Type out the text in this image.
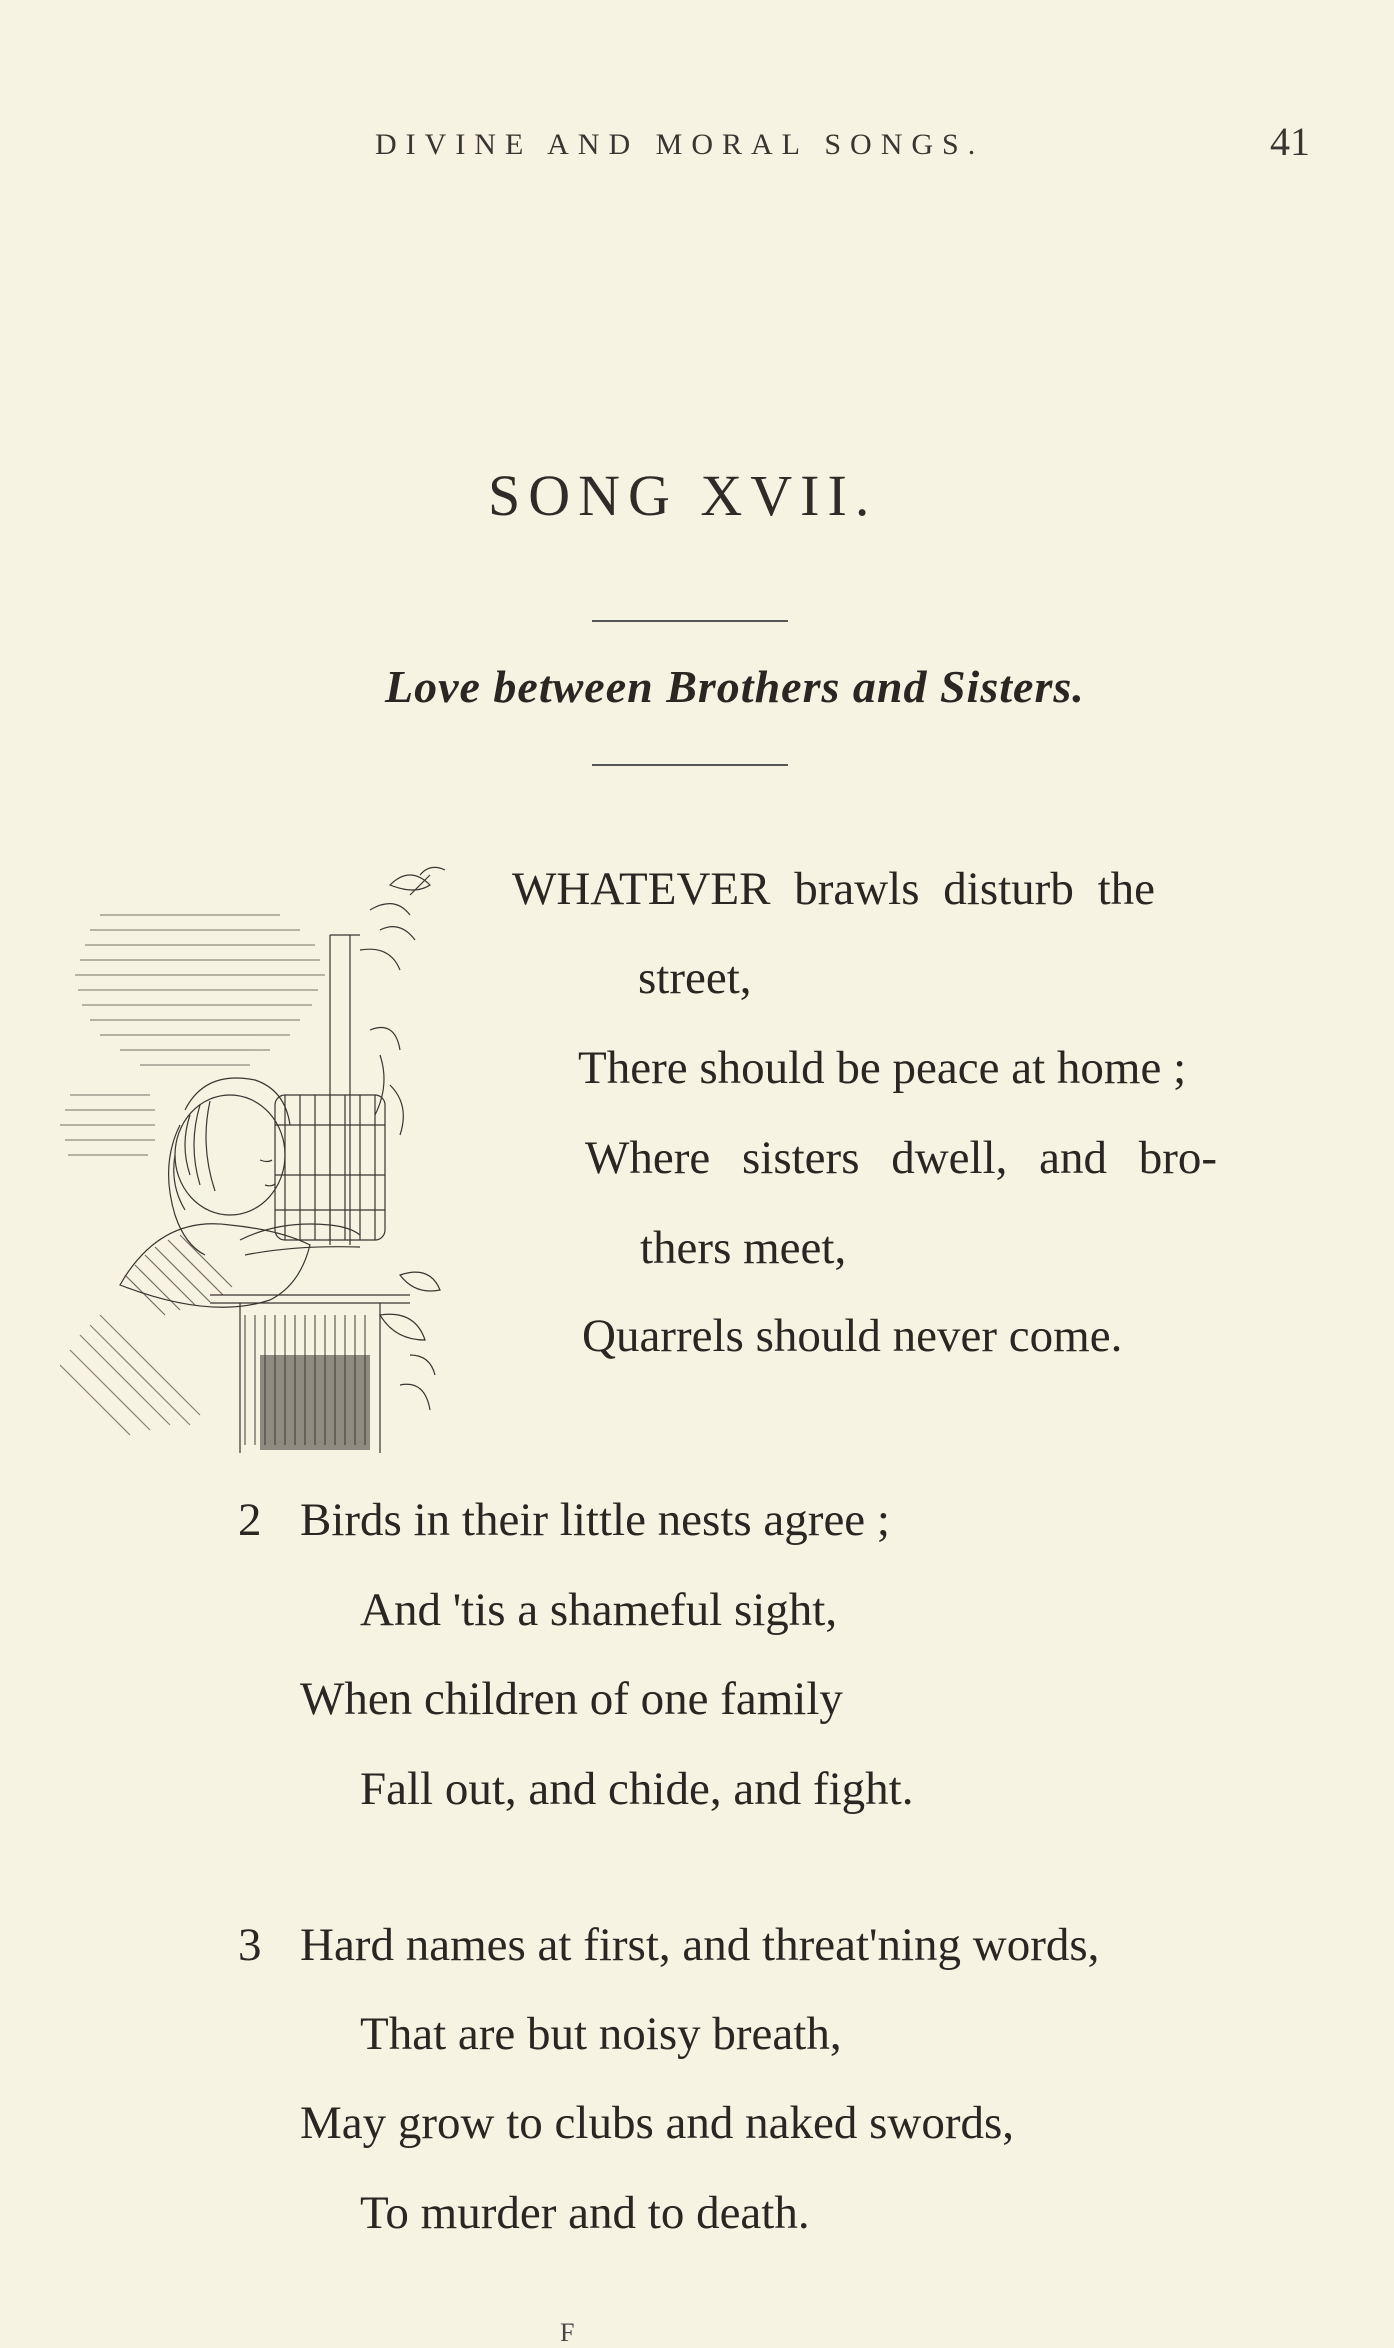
DIVINE AND MORAL SONGS.	41
SONG XVII.
Love between Brothers and Sisters.
WHATEVER brawls disturb the
street,
There should be peace at home ;
Where sisters dwell, and bro-
thers meet,
Quarrels should never come.
2 Birds in their little nests agree ;
And 'tis a shameful sight,
When children of one family
Fall out, and chide, and fight.
3 Hard names at first, and threat'ning words,
That are but noisy breath,
May grow to clubs and naked swords,
To murder and to death.
F
